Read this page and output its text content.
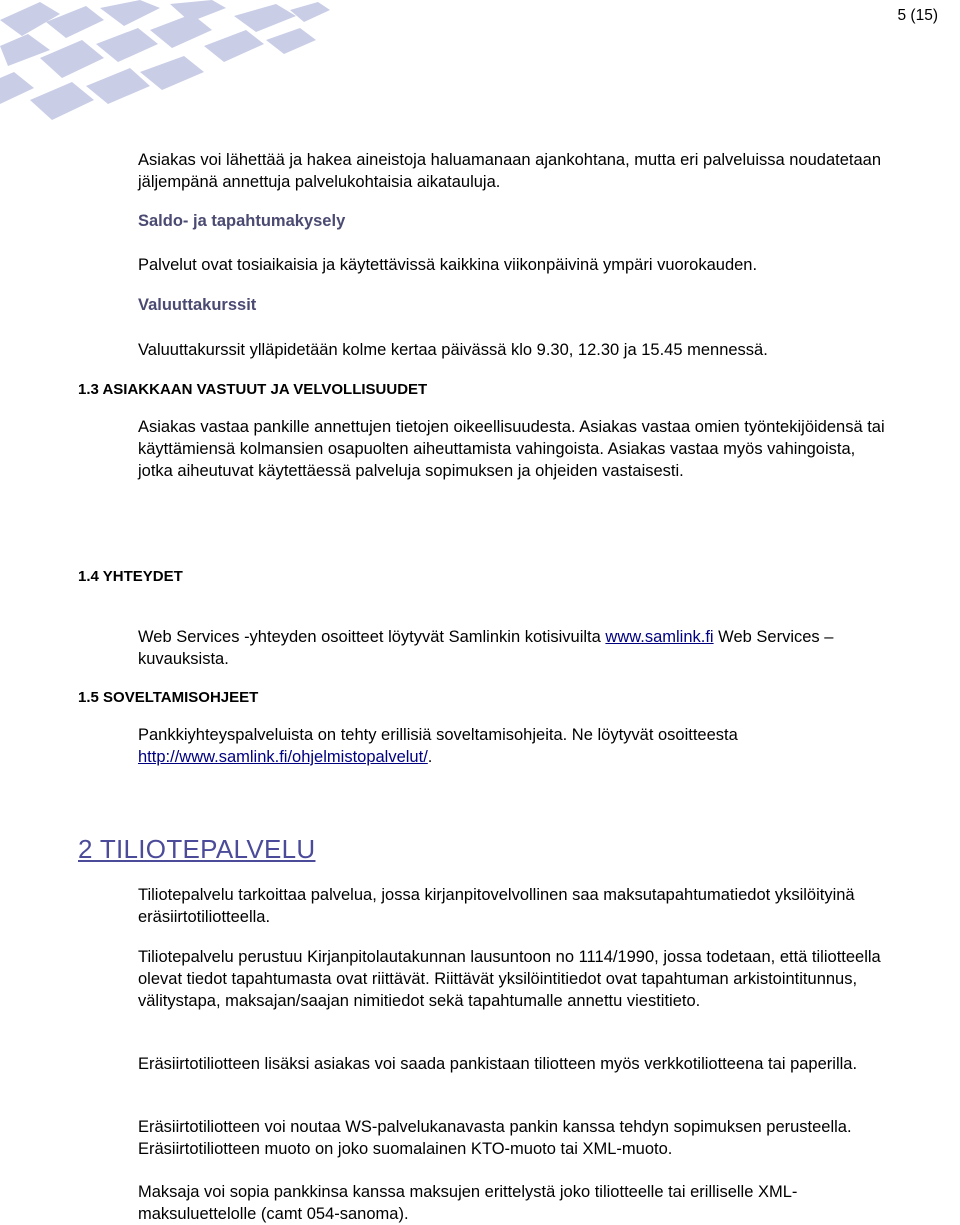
5 (15)

Asiakas voi lähettää ja hakea aineistoja haluamanaan ajankohtana, mutta eri palveluissa noudatetaan jäljempänä annettuja palvelukohtaisia aikatauluja.

Saldo- ja tapahtumakysely

Palvelut ovat tosiaikaisia ja käytettävissä kaikkina viikonpäivinä ympäri vuorokauden.

Valuuttakurssit

Valuuttakurssit ylläpidetään kolme kertaa päivässä klo 9.30, 12.30 ja 15.45 mennessä.

1.3 ASIAKKAAN VASTUUT JA VELVOLLISUUDET

Asiakas vastaa pankille annettujen tietojen oikeellisuudesta. Asiakas vastaa omien työntekijöidensä tai käyttämiensä kolmansien osapuolten aiheuttamista vahingoista. Asiakas vastaa myös vahingoista, jotka aiheutuvat käytettäessä palveluja sopimuksen ja ohjeiden vastaisesti.

1.4 YHTEYDET

Web Services -yhteyden osoitteet löytyvät Samlinkin kotisivuilta www.samlink.fi Web Services –kuvauksista.

1.5 SOVELTAMISOHJEET

Pankkiyhteyspalveluista on tehty erillisiä soveltamisohjeita. Ne löytyvät osoitteesta http://www.samlink.fi/ohjelmistopalvelut/.

2 TILIOTEPALVELU

Tiliotepalvelu tarkoittaa palvelua, jossa kirjanpitovelvollinen saa maksutapahtumatiedot yksilöityinä eräsiirtotiliotteella.

Tiliotepalvelu perustuu Kirjanpitolautakunnan lausuntoon no 1114/1990, jossa todetaan, että tiliotteella olevat tiedot tapahtumasta ovat riittävät. Riittävät yksilöintitiedot ovat tapahtuman arkistointitunnus, välitystapa, maksajan/saajan nimitiedot sekä tapahtumalle annettu viestitieto.

Eräsiirtotiliotteen lisäksi asiakas voi saada pankistaan tiliotteen myös verkkotiliotteena tai paperilla.

Eräsiirtotiliotteen voi noutaa WS-palvelukanavasta pankin kanssa tehdyn sopimuksen perusteella. Eräsiirtotiliotteen muoto on joko suomalainen KTO-muoto tai XML-muoto.

Maksaja voi sopia pankkinsa kanssa maksujen erittelystä joko tiliotteelle tai erilliselle XML-maksuluettelolle (camt 054-sanoma).
